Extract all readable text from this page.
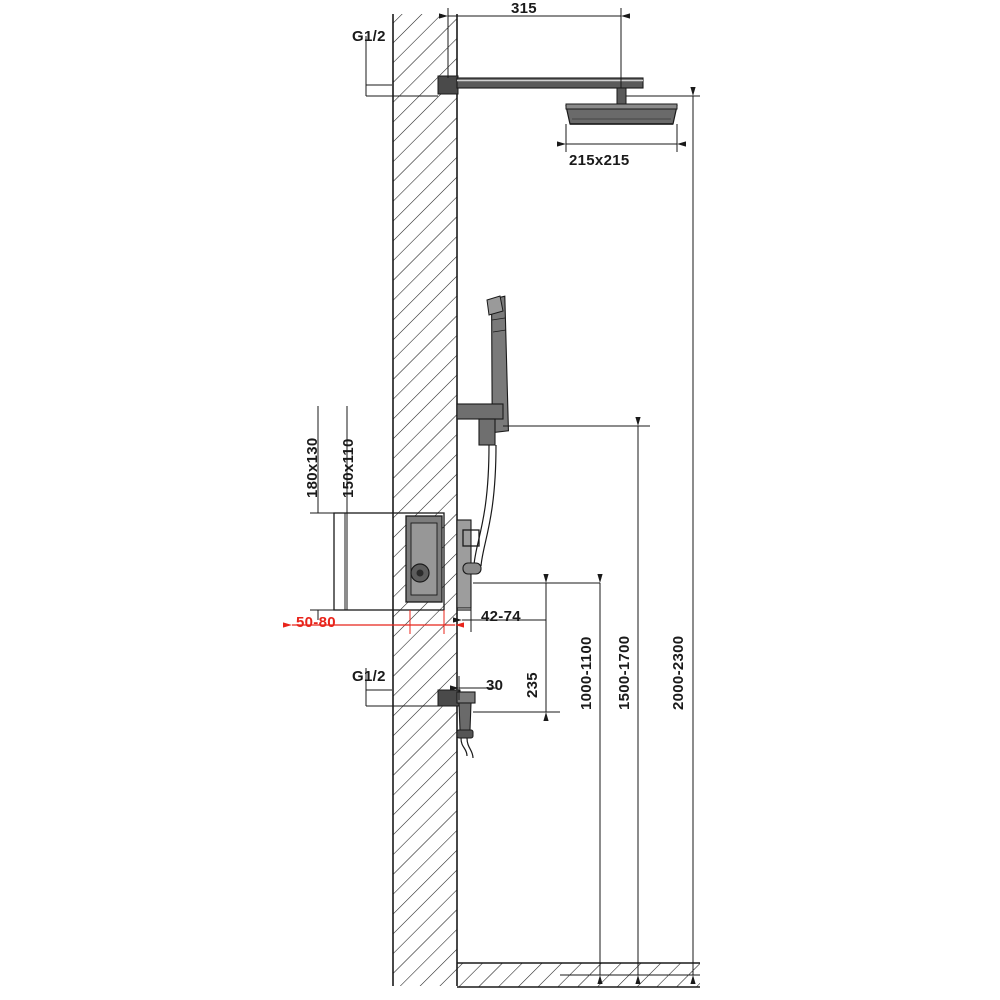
G1/2
315
215x215
180x130 150x110
50-80	42-74
G1/2
30 235 1000-1100 1500-1700 2000-2300
